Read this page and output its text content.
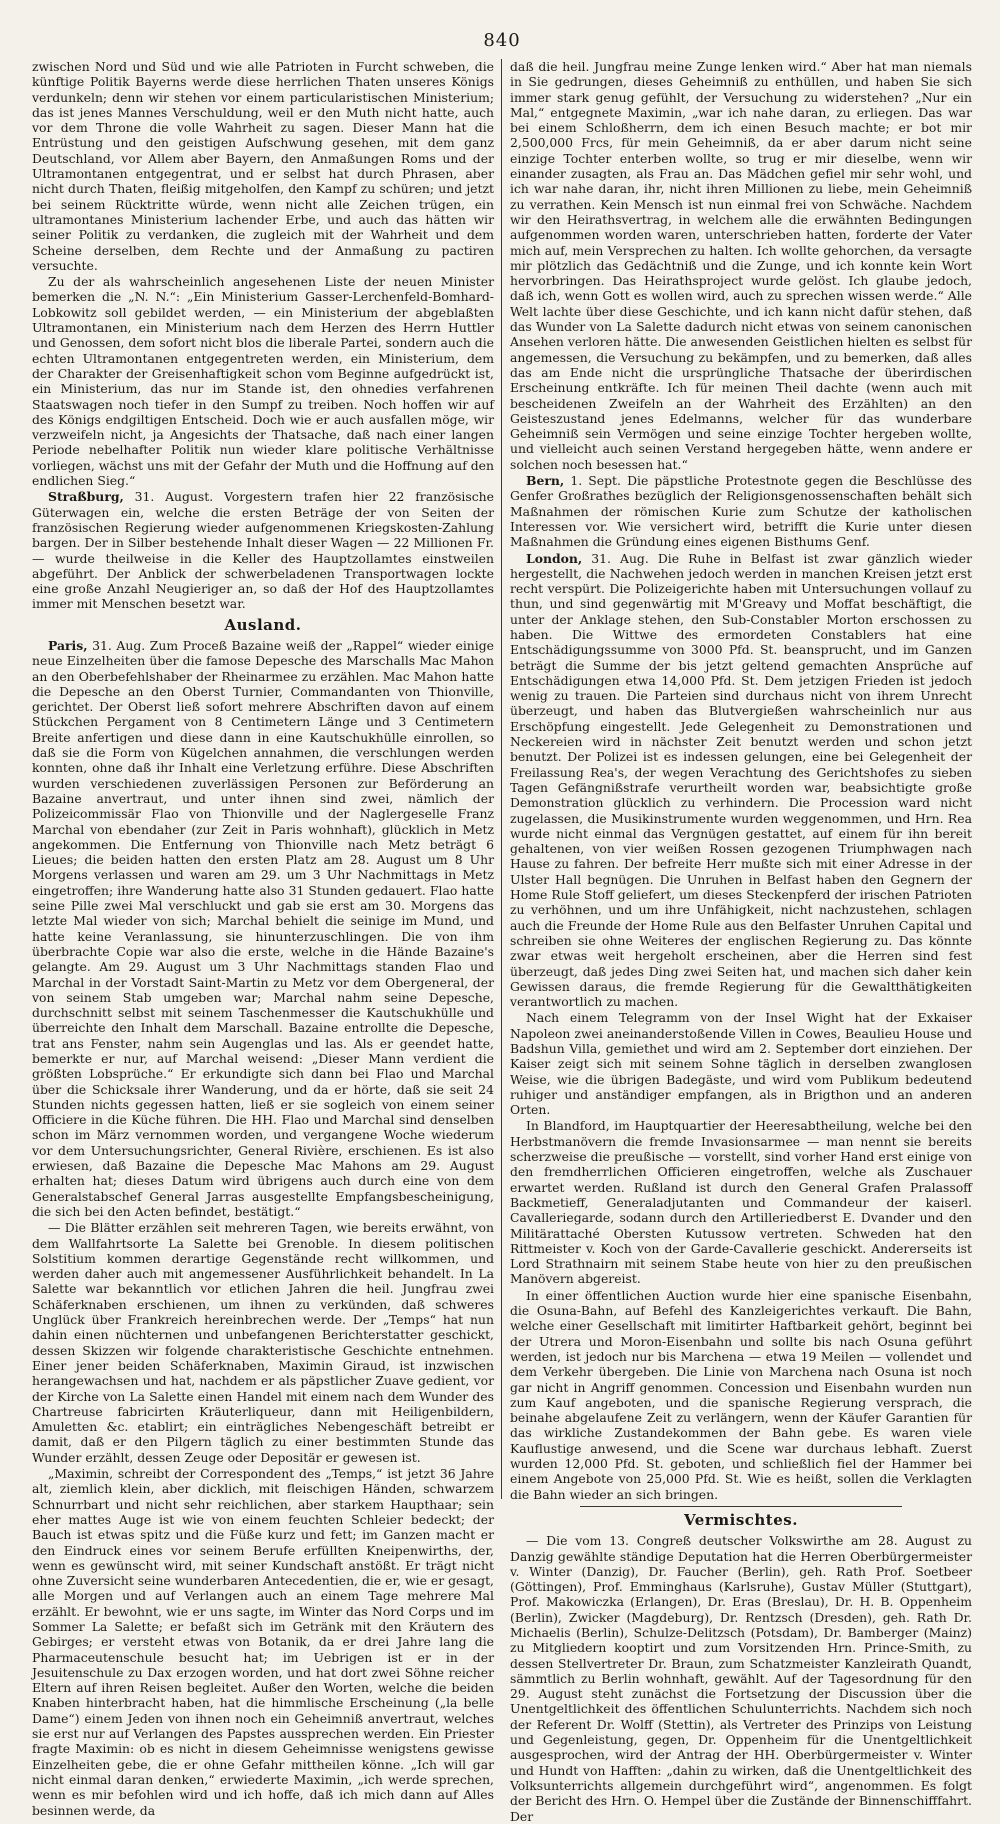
840

zwischen Nord und Süd und wie alle Patrioten in Furcht schweben, die künftige Politik Bayerns werde diese herrlichen Thaten unseres Königs verdunkeln; denn wir stehen vor einem particularistischen Ministerium; das ist jenes Mannes Verschuldung, weil er den Muth nicht hatte, auch vor dem Throne die volle Wahrheit zu sagen. Dieser Mann hat die Entrüstung und den geistigen Aufschwung gesehen, mit dem ganz Deutschland, vor Allem aber Bayern, den Anmaßungen Roms und der Ultramontanen entgegentrat, und er selbst hat durch Phrasen, aber nicht durch Thaten, fleißig mitgeholfen, den Kampf zu schüren; und jetzt bei seinem Rücktritte würde, wenn nicht alle Zeichen trügen, ein ultramontanes Ministerium lachender Erbe, und auch das hätten wir seiner Politik zu verdanken, die zugleich mit der Wahrheit und dem Scheine derselben, dem Rechte und der Anmaßung zu pactiren versuchte.

Zu der als wahrscheinlich angesehenen Liste der neuen Minister bemerken die „N. N.“: „Ein Ministerium Gasser-Lerchenfeld-Bomhard-Lobkowitz soll gebildet werden, — ein Ministerium der abgeblaßten Ultramontanen, ein Ministerium nach dem Herzen des Herrn Huttler und Genossen, dem sofort nicht blos die liberale Partei, sondern auch die echten Ultramontanen entgegentreten werden, ein Ministerium, dem der Charakter der Greisenhaftigkeit schon vom Beginne aufgedrückt ist, ein Ministerium, das nur im Stande ist, den ohnedies verfahrenen Staatswagen noch tiefer in den Sumpf zu treiben. Noch hoffen wir auf des Königs endgiltigen Entscheid. Doch wie er auch ausfallen möge, wir verzweifeln nicht, ja Angesichts der Thatsache, daß nach einer langen Periode nebelhafter Politik nun wieder klare politische Verhältnisse vorliegen, wächst uns mit der Gefahr der Muth und die Hoffnung auf den endlichen Sieg.“

Straßburg, 31. August. Vorgestern trafen hier 22 französische Güterwagen ein, welche die ersten Beträge der von Seiten der französischen Regierung wieder aufgenommenen Kriegskosten-Zahlung bargen. Der in Silber bestehende Inhalt dieser Wagen — 22 Millionen Fr. — wurde theilweise in die Keller des Hauptzollamtes einstweilen abgeführt. Der Anblick der schwerbeladenen Transportwagen lockte eine große Anzahl Neugieriger an, so daß der Hof des Hauptzollamtes immer mit Menschen besetzt war.

Ausland.

Paris, 31. Aug. Zum Proceß Bazaine weiß der „Rappel“ wieder einige neue Einzelheiten über die famose Depesche des Marschalls Mac Mahon an den Oberbefehlshaber der Rheinarmee zu erzählen. Mac Mahon hatte die Depesche an den Oberst Turnier, Commandanten von Thionville, gerichtet. Der Oberst ließ sofort mehrere Abschriften davon auf einem Stückchen Pergament von 8 Centimetern Länge und 3 Centimetern Breite anfertigen und diese dann in eine Kautschukhülle einrollen, so daß sie die Form von Kügelchen annahmen, die verschlungen werden konnten, ohne daß ihr Inhalt eine Verletzung erführe. Diese Abschriften wurden verschiedenen zuverlässigen Personen zur Beförderung an Bazaine anvertraut, und unter ihnen sind zwei, nämlich der Polizeicommissär Flao von Thionville und der Naglergeselle Franz Marchal von ebendaher (zur Zeit in Paris wohnhaft), glücklich in Metz angekommen. Die Entfernung von Thionville nach Metz beträgt 6 Lieues; die beiden hatten den ersten Platz am 28. August um 8 Uhr Morgens verlassen und waren am 29. um 3 Uhr Nachmittags in Metz eingetroffen; ihre Wanderung hatte also 31 Stunden gedauert. Flao hatte seine Pille zwei Mal verschluckt und gab sie erst am 30. Morgens das letzte Mal wieder von sich; Marchal behielt die seinige im Mund, und hatte keine Veranlassung, sie hinunterzuschlingen. Die von ihm überbrachte Copie war also die erste, welche in die Hände Bazaine's gelangte. Am 29. August um 3 Uhr Nachmittags standen Flao und Marchal in der Vorstadt Saint-Martin zu Metz vor dem Obergeneral, der von seinem Stab umgeben war; Marchal nahm seine Depesche, durchschnitt selbst mit seinem Taschenmesser die Kautschukhülle und überreichte den Inhalt dem Marschall. Bazaine entrollte die Depesche, trat ans Fenster, nahm sein Augenglas und las. Als er geendet hatte, bemerkte er nur, auf Marchal weisend: „Dieser Mann verdient die größten Lobsprüche.“ Er erkundigte sich dann bei Flao und Marchal über die Schicksale ihrer Wanderung, und da er hörte, daß sie seit 24 Stunden nichts gegessen hatten, ließ er sie sogleich von einem seiner Officiere in die Küche führen. Die HH. Flao und Marchal sind denselben schon im März vernommen worden, und vergangene Woche wiederum vor dem Untersuchungsrichter, General Rivière, erschienen. Es ist also erwiesen, daß Bazaine die Depesche Mac Mahons am 29. August erhalten hat; dieses Datum wird übrigens auch durch eine von dem Generalstabschef General Jarras ausgestellte Empfangsbescheinigung, die sich bei den Acten befindet, bestätigt.“

— Die Blätter erzählen seit mehreren Tagen, wie bereits erwähnt, von dem Wallfahrtsorte La Salette bei Grenoble. In diesem politischen Solstitium kommen derartige Gegenstände recht willkommen, und werden daher auch mit angemessener Ausführlichkeit behandelt. In La Salette war bekanntlich vor etlichen Jahren die heil. Jungfrau zwei Schäferknaben erschienen, um ihnen zu verkünden, daß schweres Unglück über Frankreich hereinbrechen werde. Der „Temps“ hat nun dahin einen nüchternen und unbefangenen Berichterstatter geschickt, dessen Skizzen wir folgende charakteristische Geschichte entnehmen. Einer jener beiden Schäferknaben, Maximin Giraud, ist inzwischen herangewachsen und hat, nachdem er als päpstlicher Zuave gedient, vor der Kirche von La Salette einen Handel mit einem nach dem Wunder des Chartreuse fabricirten Kräuterliqueur, dann mit Heiligenbildern, Amuletten &c. etablirt; ein einträgliches Nebengeschäft betreibt er damit, daß er den Pilgern täglich zu einer bestimmten Stunde das Wunder erzählt, dessen Zeuge oder Depositär er gewesen ist.

„Maximin, schreibt der Correspondent des „Temps,“ ist jetzt 36 Jahre alt, ziemlich klein, aber dicklich, mit fleischigen Händen, schwarzem Schnurrbart und nicht sehr reichlichen, aber starkem Haupthaar; sein eher mattes Auge ist wie von einem feuchten Schleier bedeckt; der Bauch ist etwas spitz und die Füße kurz und fett; im Ganzen macht er den Eindruck eines vor seinem Berufe erfüllten Kneipenwirths, der, wenn es gewünscht wird, mit seiner Kundschaft anstößt. Er trägt nicht ohne Zuversicht seine wunderbaren Antecedentien, die er, wie er gesagt, alle Morgen und auf Verlangen auch an einem Tage mehrere Mal erzählt. Er bewohnt, wie er uns sagte, im Winter das Nord Corps und im Sommer La Salette; er befaßt sich im Getränk mit den Kräutern des Gebirges; er versteht etwas von Botanik, da er drei Jahre lang die Pharmaceutenschule besucht hat; im Uebrigen ist er in der Jesuitenschule zu Dax erzogen worden, und hat dort zwei Söhne reicher Eltern auf ihren Reisen begleitet. Außer den Worten, welche die beiden Knaben hinterbracht haben, hat die himmlische Erscheinung („la belle Dame“) einem Jeden von ihnen noch ein Geheimniß anvertraut, welches sie erst nur auf Verlangen des Papstes aussprechen werden. Ein Priester fragte Maximin: ob es nicht in diesem Geheimnisse wenigstens gewisse Einzelheiten gebe, die er ohne Gefahr mittheilen könne. „Ich will gar nicht einmal daran denken,“ erwiederte Maximin, „ich werde sprechen, wenn es mir befohlen wird und ich hoffe, daß ich mich dann auf Alles besinnen werde, da

daß die heil. Jungfrau meine Zunge lenken wird.“ Aber hat man niemals in Sie gedrungen, dieses Geheimniß zu enthüllen, und haben Sie sich immer stark genug gefühlt, der Versuchung zu widerstehen? „Nur ein Mal,“ entgegnete Maximin, „war ich nahe daran, zu erliegen. Das war bei einem Schloßherrn, dem ich einen Besuch machte; er bot mir 2,500,000 Frcs, für mein Geheimniß, da er aber darum nicht seine einzige Tochter enterben wollte, so trug er mir dieselbe, wenn wir einander zusagten, als Frau an. Das Mädchen gefiel mir sehr wohl, und ich war nahe daran, ihr, nicht ihren Millionen zu liebe, mein Geheimniß zu verrathen. Kein Mensch ist nun einmal frei von Schwäche. Nachdem wir den Heirathsvertrag, in welchem alle die erwähnten Bedingungen aufgenommen worden waren, unterschrieben hatten, forderte der Vater mich auf, mein Versprechen zu halten. Ich wollte gehorchen, da versagte mir plötzlich das Gedächtniß und die Zunge, und ich konnte kein Wort hervorbringen. Das Heirathsproject wurde gelöst. Ich glaube jedoch, daß ich, wenn Gott es wollen wird, auch zu sprechen wissen werde.“ Alle Welt lachte über diese Geschichte, und ich kann nicht dafür stehen, daß das Wunder von La Salette dadurch nicht etwas von seinem canonischen Ansehen verloren hätte. Die anwesenden Geistlichen hielten es selbst für angemessen, die Versuchung zu bekämpfen, und zu bemerken, daß alles das am Ende nicht die ursprüngliche Thatsache der überirdischen Erscheinung entkräfte. Ich für meinen Theil dachte (wenn auch mit bescheidenen Zweifeln an der Wahrheit des Erzählten) an den Geisteszustand jenes Edelmanns, welcher für das wunderbare Geheimniß sein Vermögen und seine einzige Tochter hergeben wollte, und vielleicht auch seinen Verstand hergegeben hätte, wenn andere er solchen noch besessen hat.“

Bern, 1. Sept. Die päpstliche Protestnote gegen die Beschlüsse des Genfer Großrathes bezüglich der Religionsgenossenschaften behält sich Maßnahmen der römischen Kurie zum Schutze der katholischen Interessen vor. Wie versichert wird, betrifft die Kurie unter diesen Maßnahmen die Gründung eines eigenen Bisthums Genf.

London, 31. Aug. Die Ruhe in Belfast ist zwar gänzlich wieder hergestellt, die Nachwehen jedoch werden in manchen Kreisen jetzt erst recht verspürt. Die Polizeigerichte haben mit Untersuchungen vollauf zu thun, und sind gegenwärtig mit M'Greavy und Moffat beschäftigt, die unter der Anklage stehen, den Sub-Constabler Morton erschossen zu haben. Die Wittwe des ermordeten Constablers hat eine Entschädigungssumme von 3000 Pfd. St. beansprucht, und im Ganzen beträgt die Summe der bis jetzt geltend gemachten Ansprüche auf Entschädigungen etwa 14,000 Pfd. St. Dem jetzigen Frieden ist jedoch wenig zu trauen. Die Parteien sind durchaus nicht von ihrem Unrecht überzeugt, und haben das Blutvergießen wahrscheinlich nur aus Erschöpfung eingestellt. Jede Gelegenheit zu Demonstrationen und Neckereien wird in nächster Zeit benutzt werden und schon jetzt benutzt. Der Polizei ist es indessen gelungen, eine bei Gelegenheit der Freilassung Rea's, der wegen Verachtung des Gerichtshofes zu sieben Tagen Gefängnißstrafe verurtheilt worden war, beabsichtigte große Demonstration glücklich zu verhindern. Die Procession ward nicht zugelassen, die Musikinstrumente wurden weggenommen, und Hrn. Rea wurde nicht einmal das Vergnügen gestattet, auf einem für ihn bereit gehaltenen, von vier weißen Rossen gezogenen Triumphwagen nach Hause zu fahren. Der befreite Herr mußte sich mit einer Adresse in der Ulster Hall begnügen. Die Unruhen in Belfast haben den Gegnern der Home Rule Stoff geliefert, um dieses Steckenpferd der irischen Patrioten zu verhöhnen, und um ihre Unfähigkeit, nicht nachzustehen, schlagen auch die Freunde der Home Rule aus den Belfaster Unruhen Capital und schreiben sie ohne Weiteres der englischen Regierung zu. Das könnte zwar etwas weit hergeholt erscheinen, aber die Herren sind fest überzeugt, daß jedes Ding zwei Seiten hat, und machen sich daher kein Gewissen daraus, die fremde Regierung für die Gewaltthätigkeiten verantwortlich zu machen.

Nach einem Telegramm von der Insel Wight hat der Exkaiser Napoleon zwei aneinanderstoßende Villen in Cowes, Beaulieu House und Badshun Villa, gemiethet und wird am 2. September dort einziehen. Der Kaiser zeigt sich mit seinem Sohne täglich in derselben zwanglosen Weise, wie die übrigen Badegäste, und wird vom Publikum bedeutend ruhiger und anständiger empfangen, als in Brigthon und an anderen Orten.

In Blandford, im Hauptquartier der Heeresabtheilung, welche bei den Herbstmanövern die fremde Invasionsarmee — man nennt sie bereits scherzweise die preußische — vorstellt, sind vorher Hand erst einige von den fremdherrlichen Officieren eingetroffen, welche als Zuschauer erwartet werden. Rußland ist durch den General Grafen Pralassoff Backmetieff, Generaladjutanten und Commandeur der kaiserl. Cavalleriegarde, sodann durch den Artilleriedberst E. Dvander und den Militärattaché Obersten Kutussow vertreten. Schweden hat den Rittmeister v. Koch von der Garde-Cavallerie geschickt. Andererseits ist Lord Strathnairn mit seinem Stabe heute von hier zu den preußischen Manövern abgereist.

In einer öffentlichen Auction wurde hier eine spanische Eisenbahn, die Osuna-Bahn, auf Befehl des Kanzleigerichtes verkauft. Die Bahn, welche einer Gesellschaft mit limitirter Haftbarkeit gehört, beginnt bei der Utrera und Moron-Eisenbahn und sollte bis nach Osuna geführt werden, ist jedoch nur bis Marchena — etwa 19 Meilen — vollendet und dem Verkehr übergeben. Die Linie von Marchena nach Osuna ist noch gar nicht in Angriff genommen. Concession und Eisenbahn wurden nun zum Kauf angeboten, und die spanische Regierung versprach, die beinahe abgelaufene Zeit zu verlängern, wenn der Käufer Garantien für das wirkliche Zustandekommen der Bahn gebe. Es waren viele Kauflustige anwesend, und die Scene war durchaus lebhaft. Zuerst wurden 12,000 Pfd. St. geboten, und schließlich fiel der Hammer bei einem Angebote von 25,000 Pfd. St. Wie es heißt, sollen die Verklagten die Bahn wieder an sich bringen.

Vermischtes.

— Die vom 13. Congreß deutscher Volkswirthe am 28. August zu Danzig gewählte ständige Deputation hat die Herren Oberbürgermeister v. Winter (Danzig), Dr. Faucher (Berlin), geh. Rath Prof. Soetbeer (Göttingen), Prof. Emminghaus (Karlsruhe), Gustav Müller (Stuttgart), Prof. Makowiczka (Erlangen), Dr. Eras (Breslau), Dr. H. B. Oppenheim (Berlin), Zwicker (Magdeburg), Dr. Rentzsch (Dresden), geh. Rath Dr. Michaelis (Berlin), Schulze-Delitzsch (Potsdam), Dr. Bamberger (Mainz) zu Mitgliedern kooptirt und zum Vorsitzenden Hrn. Prince-Smith, zu dessen Stellvertreter Dr. Braun, zum Schatzmeister Kanzleirath Quandt, sämmtlich zu Berlin wohnhaft, gewählt. Auf der Tagesordnung für den 29. August steht zunächst die Fortsetzung der Discussion über die Unentgeltlichkeit des öffentlichen Schulunterrichts. Nachdem sich noch der Referent Dr. Wolff (Stettin), als Vertreter des Prinzips von Leistung und Gegenleistung, gegen, Dr. Oppenheim für die Unentgeltlichkeit ausgesprochen, wird der Antrag der HH. Oberbürgermeister v. Winter und Hundt von Hafften: „dahin zu wirken, daß die Unentgeltlichkeit des Volksunterrichts allgemein durchgeführt wird“, angenommen. Es folgt der Bericht des Hrn. O. Hempel über die Zustände der Binnenschifffahrt. Der
